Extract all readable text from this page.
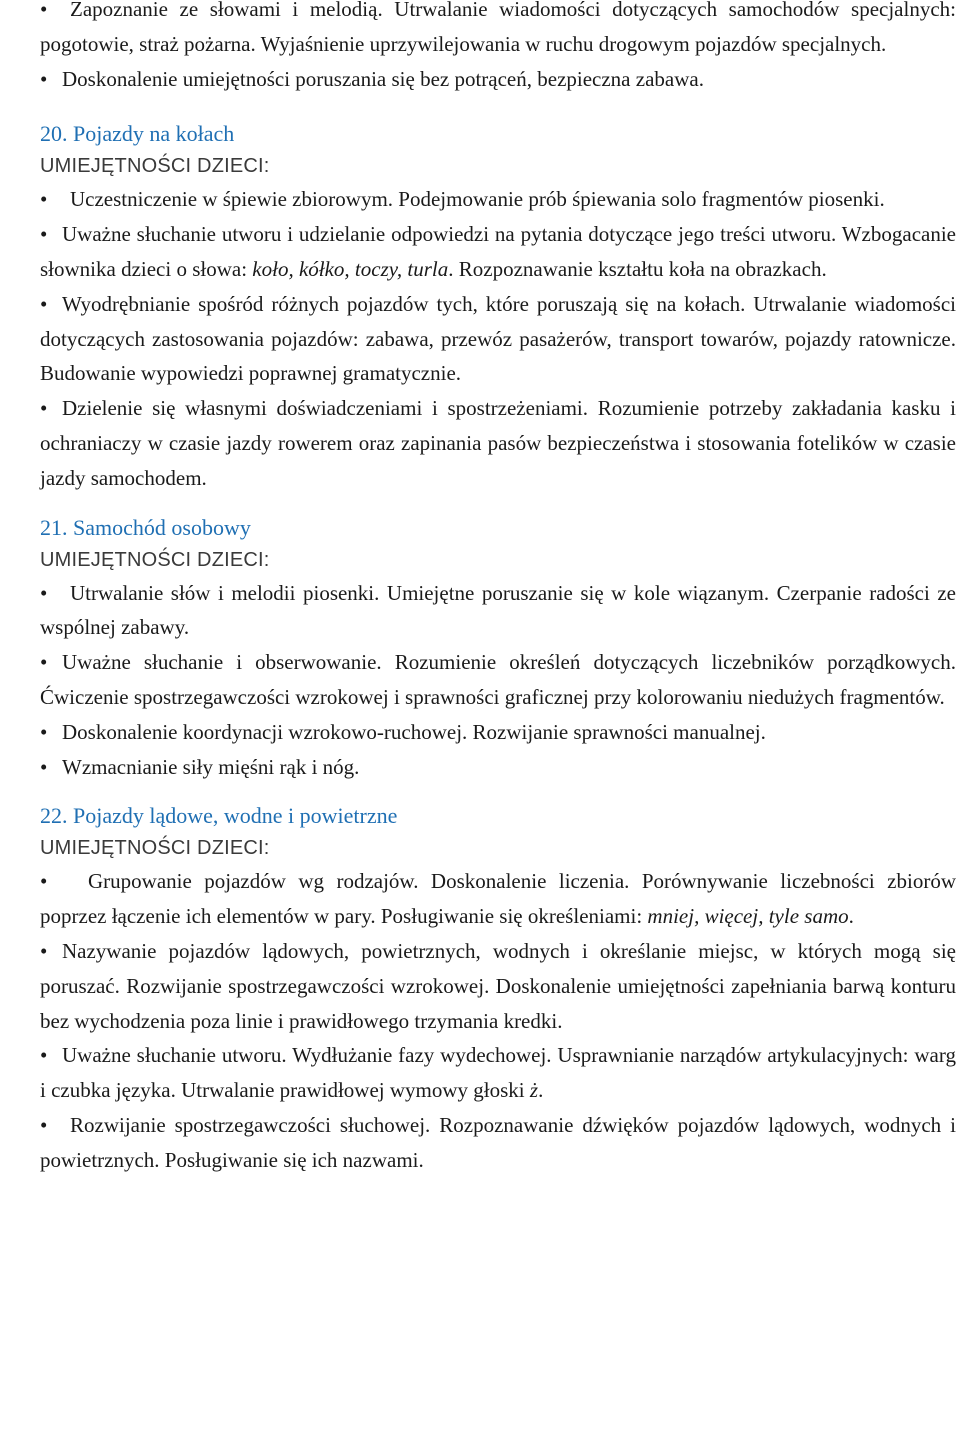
• Zapoznanie ze słowami i melodią. Utrwalanie wiadomości dotyczących samochodów specjalnych: pogotowie, straż pożarna. Wyjaśnienie uprzywilejowania w ruchu drogowym pojazdów specjalnych.

• Doskonalenie umiejętności poruszania się bez potrąceń, bezpieczna zabawa.

20. Pojazdy na kołach
UMIEJĘTNOŚCI DZIECI:

• Uczestniczenie w śpiewie zbiorowym. Podejmowanie prób śpiewania solo fragmentów piosenki.

• Uważne słuchanie utworu i udzielanie odpowiedzi na pytania dotyczące jego treści utworu. Wzbogacanie słownika dzieci o słowa: koło, kółko, toczy, turla. Rozpoznawanie kształtu koła na obrazkach.

• Wyodrębnianie spośród różnych pojazdów tych, które poruszają się na kołach. Utrwalanie wiadomości dotyczących zastosowania pojazdów: zabawa, przewóz pasażerów, transport towarów, pojazdy ratownicze. Budowanie wypowiedzi poprawnej gramatycznie.

• Dzielenie się własnymi doświadczeniami i spostrzeżeniami. Rozumienie potrzeby zakładania kasku i ochraniaczy w czasie jazdy rowerem oraz zapinania pasów bezpieczeństwa i stosowania fotelików w czasie jazdy samochodem.

21. Samochód osobowy
UMIEJĘTNOŚCI DZIECI:

• Utrwalanie słów i melodii piosenki. Umiejętne poruszanie się w kole wiązanym. Czerpanie radości ze wspólnej zabawy.

• Uważne słuchanie i obserwowanie. Rozumienie określeń dotyczących liczebników porządkowych. Ćwiczenie spostrzegawczości wzrokowej i sprawności graficznej przy kolorowaniu niedużych fragmentów.

• Doskonalenie koordynacji wzrokowo-ruchowej. Rozwijanie sprawności manualnej.

• Wzmacnianie siły mięśni rąk i nóg.

22. Pojazdy lądowe, wodne i powietrzne
UMIEJĘTNOŚCI DZIECI:

• Grupowanie pojazdów wg rodzajów. Doskonalenie liczenia. Porównywanie liczebności zbiorów poprzez łączenie ich elementów w pary. Posługiwanie się określeniami: mniej, więcej, tyle samo.

• Nazywanie pojazdów lądowych, powietrznych, wodnych i określanie miejsc, w których mogą się poruszać. Rozwijanie spostrzegawczości wzrokowej. Doskonalenie umiejętności zapełniania barwą konturu bez wychodzenia poza linie i prawidłowego trzymania kredki.

• Uważne słuchanie utworu. Wydłużanie fazy wydechowej. Usprawnianie narządów artykulacyjnych: warg i czubka języka. Utrwalanie prawidłowej wymowy głoski ż.

• Rozwijanie spostrzegawczości słuchowej. Rozpoznawanie dźwięków pojazdów lądowych, wodnych i powietrznych. Posługiwanie się ich nazwami.
